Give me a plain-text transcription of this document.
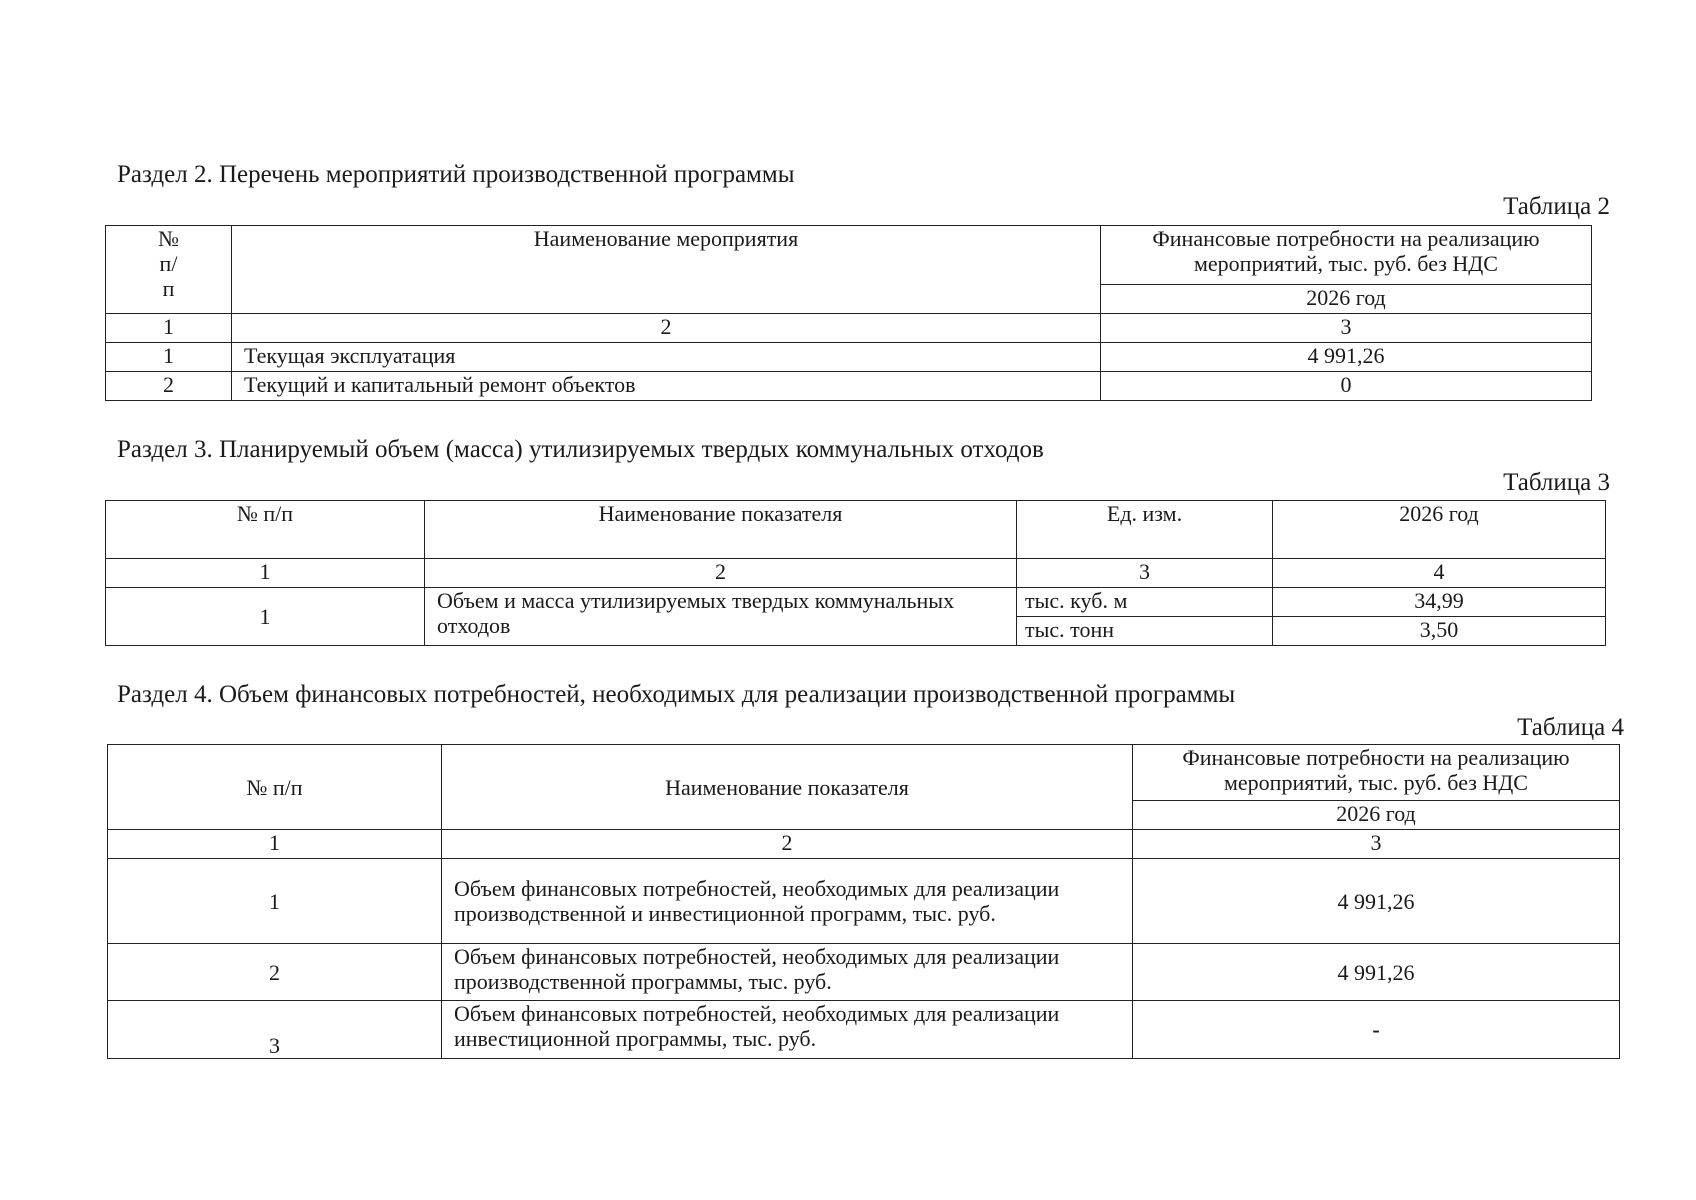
Раздел 2. Перечень мероприятий производственной программы
Таблица 2
№ п/п	Наименование мероприятия	Финансовые потребности на реализацию мероприятий, тыс. руб. без НДС
		2026 год
1	2	3
1	Текущая эксплуатация	4 991,26
2	Текущий и капитальный ремонт объектов	0
Раздел 3. Планируемый объем (масса) утилизируемых твердых коммунальных отходов
Таблица 3
№ п/п	Наименование показателя	Ед. изм.	2026 год
1	2	3	4
1	Объем и масса утилизируемых твердых коммунальных отходов	тыс. куб. м	34,99
		тыс. тонн	3,50
Раздел 4. Объем финансовых потребностей, необходимых для реализации производственной программы
Таблица 4
№ п/п	Наименование показателя	Финансовые потребности на реализацию мероприятий, тыс. руб. без НДС
		2026 год
1	2	3
1	Объем финансовых потребностей, необходимых для реализации производственной и инвестиционной программ, тыс. руб.	4 991,26
2	Объем финансовых потребностей, необходимых для реализации производственной программы, тыс. руб.	4 991,26
3	Объем финансовых потребностей, необходимых для реализации инвестиционной программы, тыс. руб.	-
